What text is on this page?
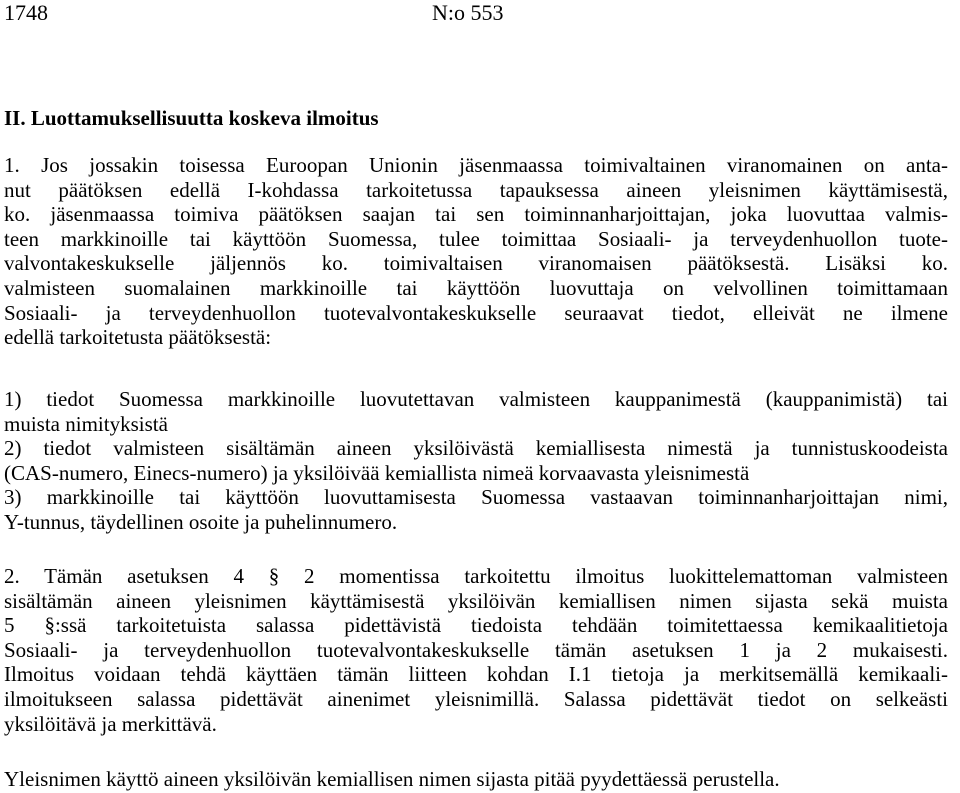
1748	N:o 553
II. Luottamuksellisuutta koskeva ilmoitus
1. Jos jossakin toisessa Euroopan Unionin jäsenmaassa toimivaltainen viranomainen on anta-
nut päätöksen edellä I-kohdassa tarkoitetussa tapauksessa aineen yleisnimen käyttämisestä,
ko. jäsenmaassa toimiva päätöksen saajan tai sen toiminnanharjoittajan, joka luovuttaa valmis-
teen markkinoille tai käyttöön Suomessa, tulee toimittaa Sosiaali- ja terveydenhuollon tuote-
valvontakeskukselle jäljennös ko. toimivaltaisen viranomaisen päätöksestä. Lisäksi ko.
valmisteen suomalainen markkinoille tai käyttöön luovuttaja on velvollinen toimittamaan
Sosiaali- ja terveydenhuollon tuotevalvontakeskukselle seuraavat tiedot, elleivät ne ilmene
edellä tarkoitetusta päätöksestä:
1) tiedot Suomessa markkinoille luovutettavan valmisteen kauppanimestä (kauppanimistä) tai
muista nimityksistä
2) tiedot valmisteen sisältämän aineen yksilöivästä kemiallisesta nimestä ja tunnistuskoodeista
(CAS-numero, Einecs-numero) ja yksilöivää kemiallista nimeä korvaavasta yleisnimestä
3) markkinoille tai käyttöön luovuttamisesta Suomessa vastaavan toiminnanharjoittajan nimi,
Y-tunnus, täydellinen osoite ja puhelinnumero.
2. Tämän asetuksen 4 § 2 momentissa tarkoitettu ilmoitus luokittelemattoman valmisteen
sisältämän aineen yleisnimen käyttämisestä yksilöivän kemiallisen nimen sijasta sekä muista
5 §:ssä tarkoitetuista salassa pidettävistä tiedoista tehdään toimitettaessa kemikaalitietoja
Sosiaali- ja terveydenhuollon tuotevalvontakeskukselle tämän asetuksen 1 ja 2 mukaisesti.
Ilmoitus voidaan tehdä käyttäen tämän liitteen kohdan I.1 tietoja ja merkitsemällä kemikaali-
ilmoitukseen salassa pidettävät ainenimet yleisnimillä. Salassa pidettävät tiedot on selkeästi
yksilöitävä ja merkittävä.
Yleisnimen käyttö aineen yksilöivän kemiallisen nimen sijasta pitää pyydettäessä perustella.
